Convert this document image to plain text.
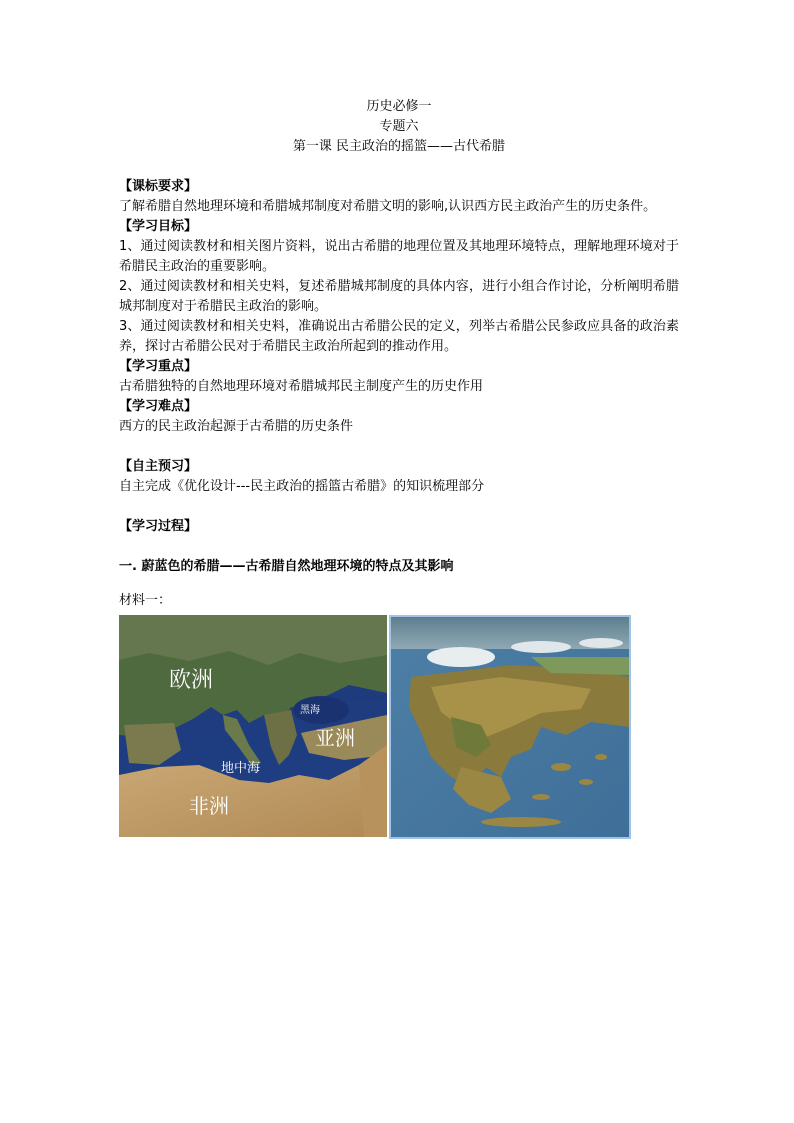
历史必修一
专题六
第一课 民主政治的摇篮——古代希腊
【课标要求】
了解希腊自然地理环境和希腊城邦制度对希腊文明的影响,认识西方民主政治产生的历史条件。
【学习目标】
1、通过阅读教材和相关图片资料，说出古希腊的地理位置及其地理环境特点，理解地理环境对于希腊民主政治的重要影响。
2、通过阅读教材和相关史料，复述希腊城邦制度的具体内容，进行小组合作讨论，分析阐明希腊城邦制度对于希腊民主政治的影响。
3、通过阅读教材和相关史料，准确说出古希腊公民的定义，列举古希腊公民参政应具备的政治素养，探讨古希腊公民对于希腊民主政治所起到的推动作用。
【学习重点】
古希腊独特的自然地理环境对希腊城邦民主制度产生的历史作用
【学习难点】
西方的民主政治起源于古希腊的历史条件
【自主预习】
自主完成《优化设计---民主政治的摇篮古希腊》的知识梳理部分
【学习过程】
一. 蔚蓝色的希腊——古希腊自然地理环境的特点及其影响
材料一：
欧洲
亚洲
非洲
地中海
黑海
